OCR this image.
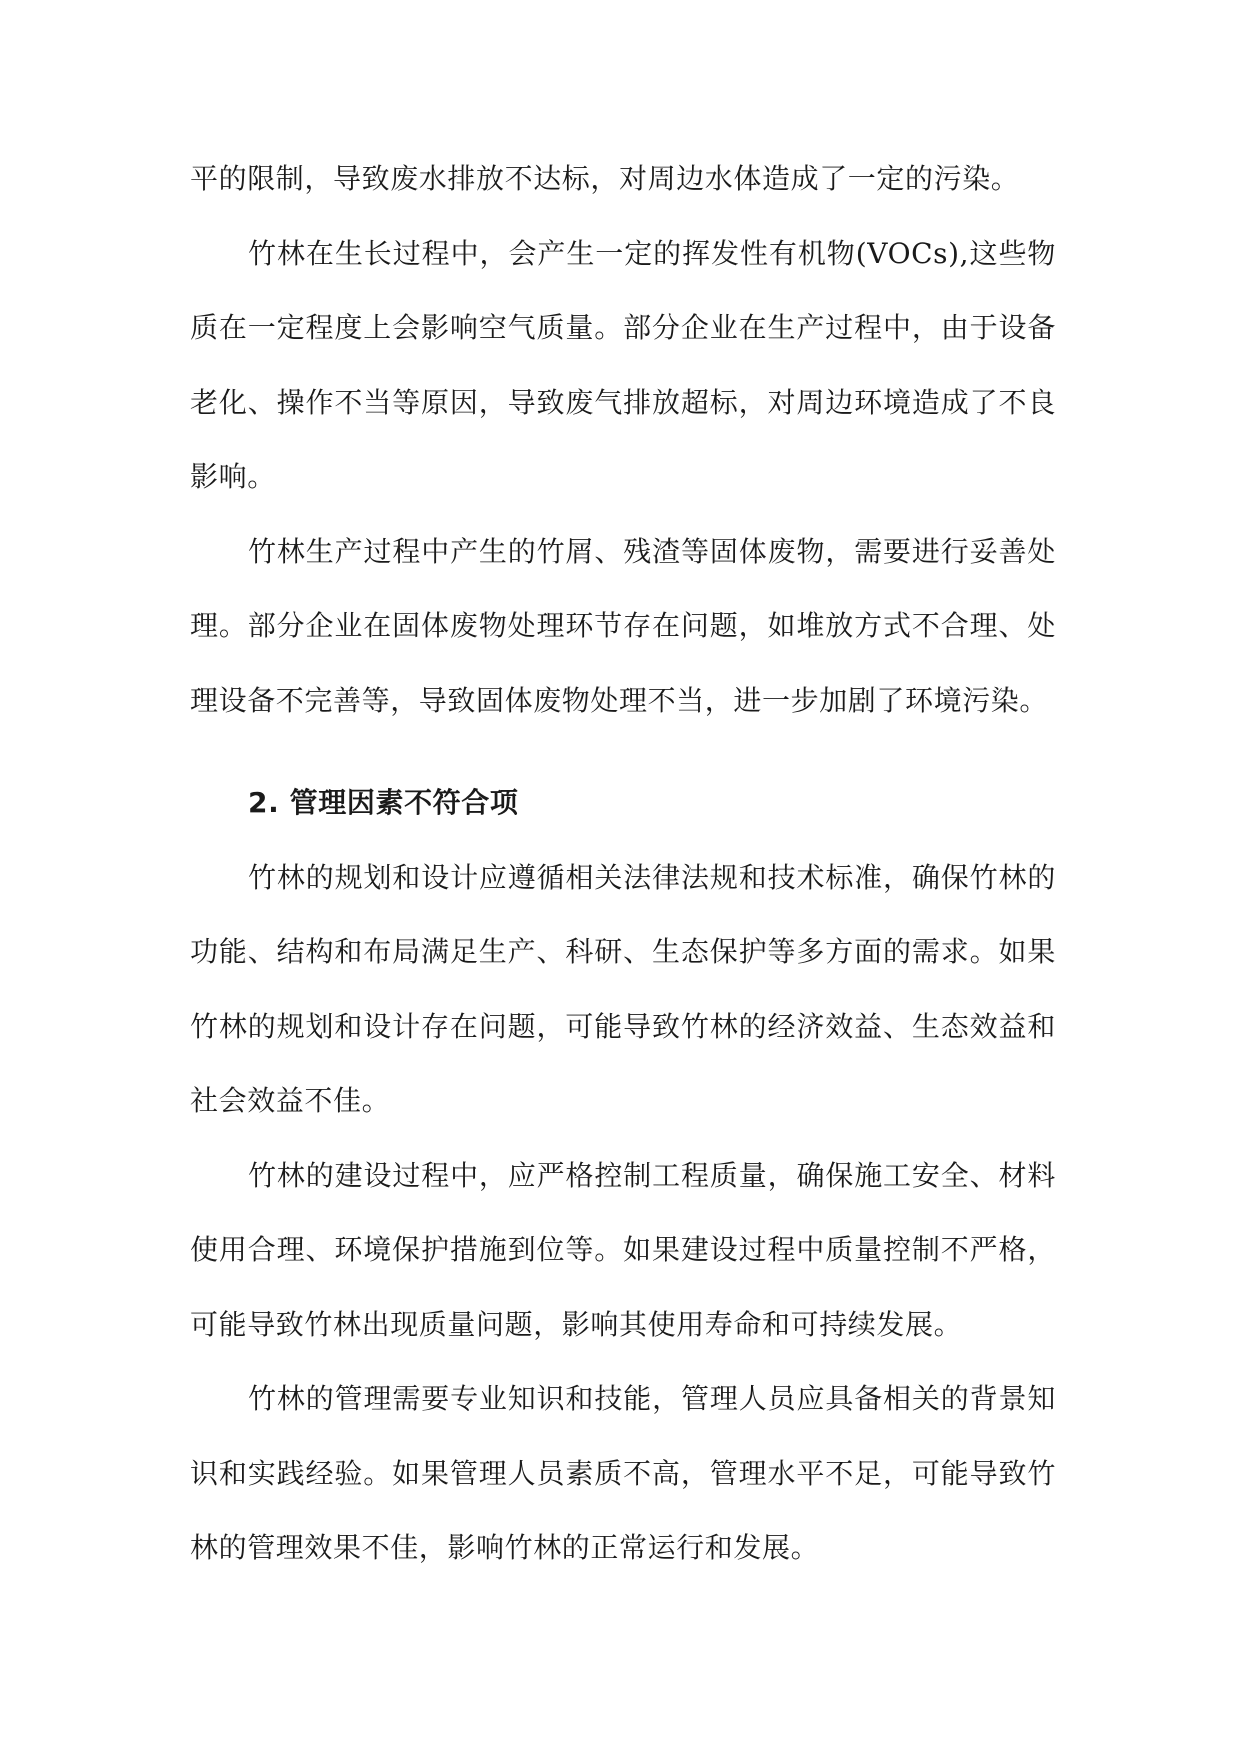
平的限制，导致废水排放不达标，对周边水体造成了一定的污染。

竹林在生长过程中，会产生一定的挥发性有机物(VOCs),这些物质在一定程度上会影响空气质量。部分企业在生产过程中，由于设备老化、操作不当等原因，导致废气排放超标，对周边环境造成了不良影响。

竹林生产过程中产生的竹屑、残渣等固体废物，需要进行妥善处理。部分企业在固体废物处理环节存在问题，如堆放方式不合理、处理设备不完善等，导致固体废物处理不当，进一步加剧了环境污染。

2. 管理因素不符合项

竹林的规划和设计应遵循相关法律法规和技术标准，确保竹林的功能、结构和布局满足生产、科研、生态保护等多方面的需求。如果竹林的规划和设计存在问题，可能导致竹林的经济效益、生态效益和社会效益不佳。

竹林的建设过程中，应严格控制工程质量，确保施工安全、材料使用合理、环境保护措施到位等。如果建设过程中质量控制不严格，可能导致竹林出现质量问题，影响其使用寿命和可持续发展。

竹林的管理需要专业知识和技能，管理人员应具备相关的背景知识和实践经验。如果管理人员素质不高，管理水平不足，可能导致竹林的管理效果不佳，影响竹林的正常运行和发展。
